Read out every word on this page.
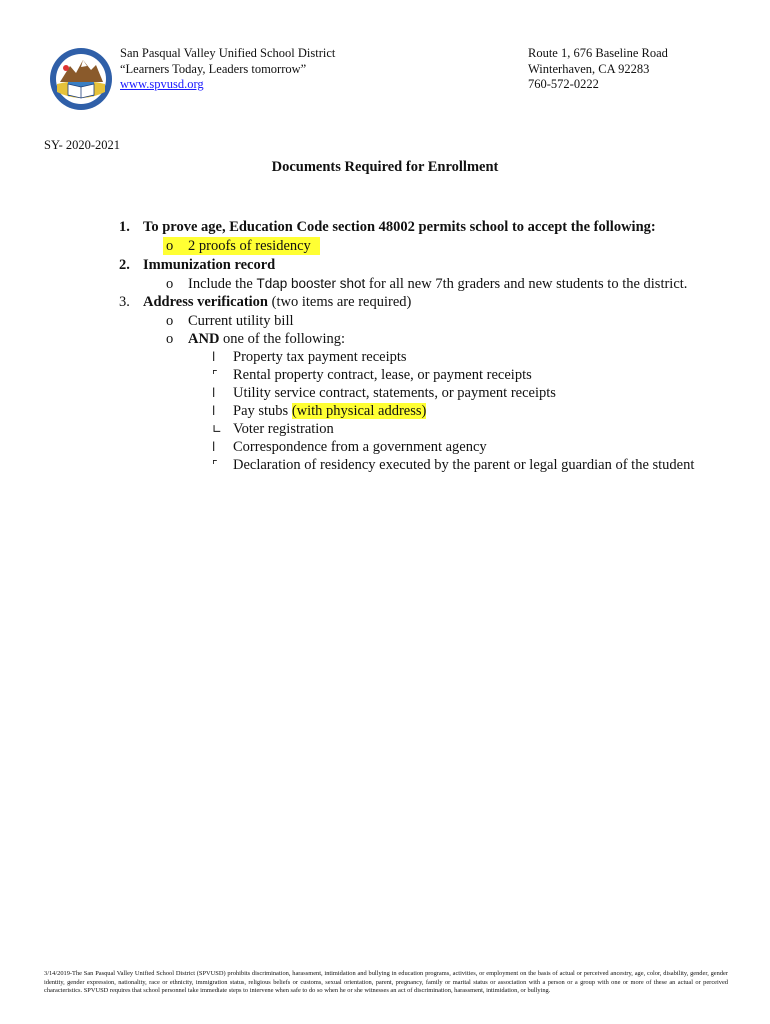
San Pasqual Valley Unified School District
“Learners Today, Leaders tomorrow”
www.spvusd.org
Route 1, 676 Baseline Road
Winterhaven, CA 92283
760-572-0222
SY- 2020-2021
Documents Required for Enrollment
1. To prove age, Education Code section 48002 permits school to accept the following:
o 2 proofs of residency
2. Immunization record
o Include the Tdap booster shot for all new 7th graders and new students to the district.
3. Address verification (two items are required)
o Current utility bill
o AND one of the following:
l Property tax payment receipts
⌜ Rental property contract, lease, or payment receipts
l Utility service contract, statements, or payment receipts
l Pay stubs (with physical address)
∟ Voter registration
l Correspondence from a government agency
⌜ Declaration of residency executed by the parent or legal guardian of the student
3/14/2019-The San Pasqual Valley Unified School District (SPVUSD) prohibits discrimination, harassment, intimidation and bullying in education programs, activities, or employment on the basis of actual or perceived ancestry, age, color, disability, gender, gender identity, gender expression, nationality, race or ethnicity, immigration status, religious beliefs or customs, sexual orientation, parent, pregnancy, family or marital status or association with a person or a group with one or more of these an actual or perceived characteristics. SPVUSD requires that school personnel take immediate steps to intervene when safe to do so when he or she witnesses an act of discrimination, harassment, intimidation, or bullying.
